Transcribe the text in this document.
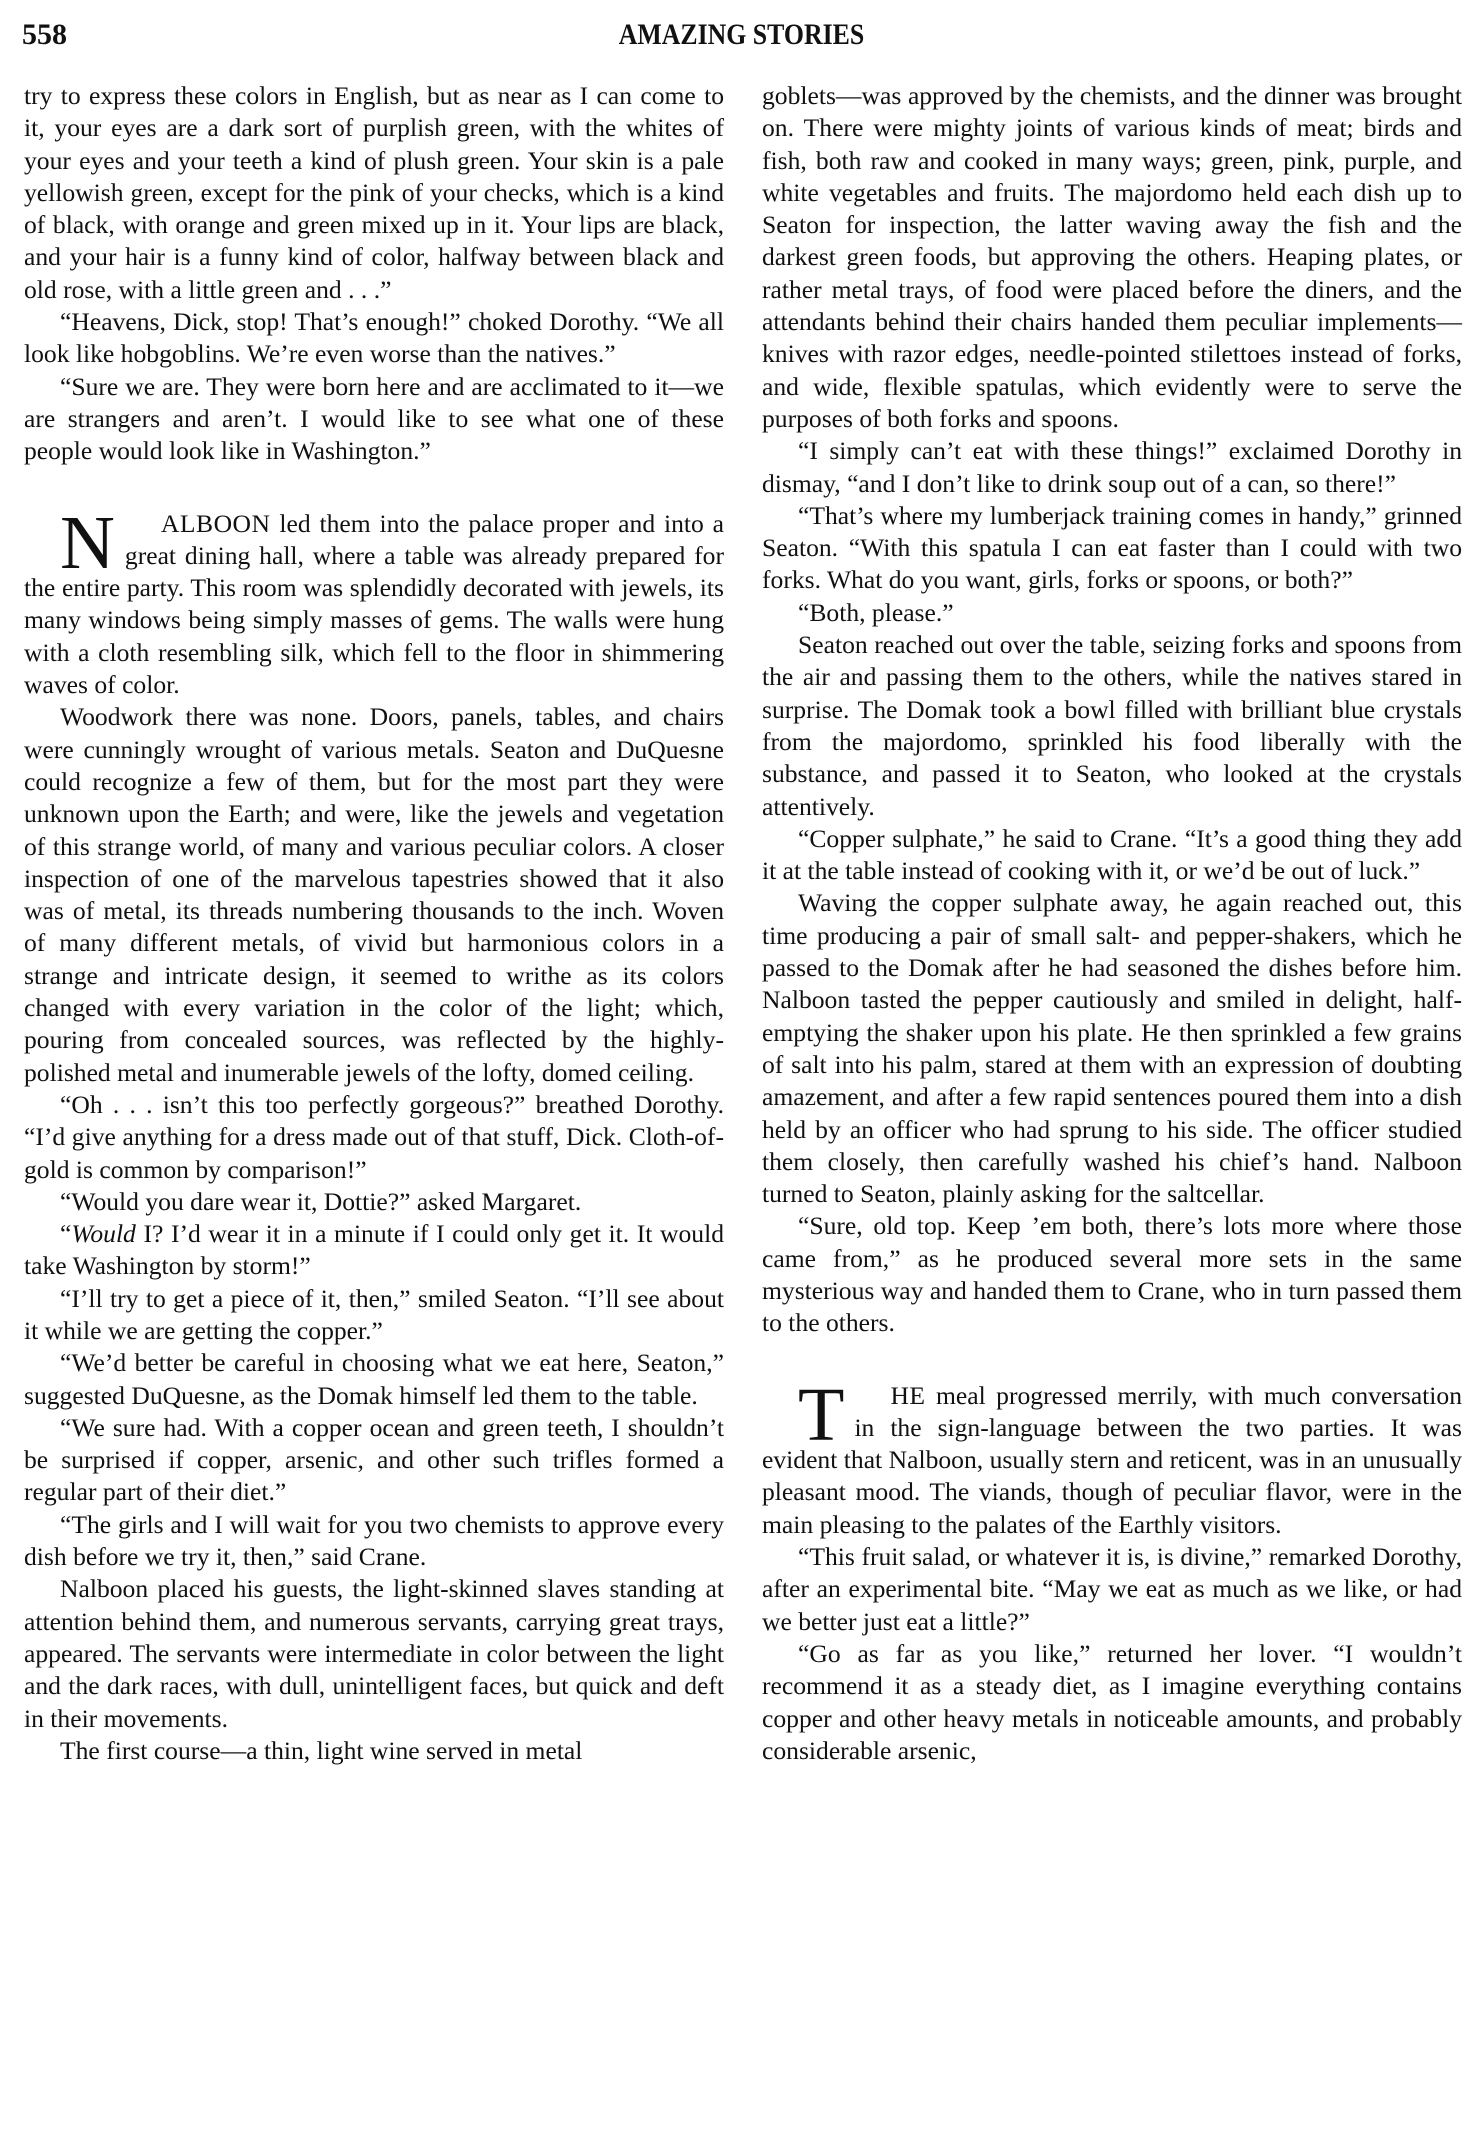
558	AMAZING STORIES

try to express these colors in English, but as near as I can come to it, your eyes are a dark sort of purplish green, with the whites of your eyes and your teeth a kind of plush green. Your skin is a pale yellowish green, except for the pink of your checks, which is a kind of black, with orange and green mixed up in it. Your lips are black, and your hair is a funny kind of color, halfway between black and old rose, with a little green and . . .”

“Heavens, Dick, stop! That’s enough!” choked Dorothy. “We all look like hobgoblins. We’re even worse than the natives.”

“Sure we are. They were born here and are acclimated to it—we are strangers and aren’t. I would like to see what one of these people would look like in Washington.”

N ALBOON led them into the palace proper and into a great dining hall, where a table was already prepared for the entire party. This room was splendidly decorated with jewels, its many windows being simply masses of gems. The walls were hung with a cloth resembling silk, which fell to the floor in shimmering waves of color.

Woodwork there was none. Doors, panels, tables, and chairs were cunningly wrought of various metals. Seaton and DuQuesne could recognize a few of them, but for the most part they were unknown upon the Earth; and were, like the jewels and vegetation of this strange world, of many and various peculiar colors. A closer inspection of one of the marvelous tapestries showed that it also was of metal, its threads numbering thousands to the inch. Woven of many different metals, of vivid but harmonious colors in a strange and intricate design, it seemed to writhe as its colors changed with every variation in the color of the light; which, pouring from concealed sources, was reflected by the highly-polished metal and inumerable jewels of the lofty, domed ceiling.

“Oh . . . isn’t this too perfectly gorgeous?” breathed Dorothy. “I’d give anything for a dress made out of that stuff, Dick. Cloth-of-gold is common by comparison!”

“Would you dare wear it, Dottie?” asked Margaret.

“Would I? I’d wear it in a minute if I could only get it. It would take Washington by storm!”

“I’ll try to get a piece of it, then,” smiled Seaton. “I’ll see about it while we are getting the copper.”

“We’d better be careful in choosing what we eat here, Seaton,” suggested DuQuesne, as the Domak himself led them to the table.

“We sure had. With a copper ocean and green teeth, I shouldn’t be surprised if copper, arsenic, and other such trifles formed a regular part of their diet.”

“The girls and I will wait for you two chemists to approve every dish before we try it, then,” said Crane.

Nalboon placed his guests, the light-skinned slaves standing at attention behind them, and numerous servants, carrying great trays, appeared. The servants were intermediate in color between the light and the dark races, with dull, unintelligent faces, but quick and deft in their movements.

The first course—a thin, light wine served in metal

goblets—was approved by the chemists, and the dinner was brought on. There were mighty joints of various kinds of meat; birds and fish, both raw and cooked in many ways; green, pink, purple, and white vegetables and fruits. The majordomo held each dish up to Seaton for inspection, the latter waving away the fish and the darkest green foods, but approving the others. Heaping plates, or rather metal trays, of food were placed before the diners, and the attendants behind their chairs handed them peculiar implements—knives with razor edges, needle-pointed stilettoes instead of forks, and wide, flexible spatulas, which evidently were to serve the purposes of both forks and spoons.

“I simply can’t eat with these things!” exclaimed Dorothy in dismay, “and I don’t like to drink soup out of a can, so there!”

“That’s where my lumberjack training comes in handy,” grinned Seaton. “With this spatula I can eat faster than I could with two forks. What do you want, girls, forks or spoons, or both?”

“Both, please.”

Seaton reached out over the table, seizing forks and spoons from the air and passing them to the others, while the natives stared in surprise. The Domak took a bowl filled with brilliant blue crystals from the majordomo, sprinkled his food liberally with the substance, and passed it to Seaton, who looked at the crystals attentively.

“Copper sulphate,” he said to Crane. “It’s a good thing they add it at the table instead of cooking with it, or we’d be out of luck.”

Waving the copper sulphate away, he again reached out, this time producing a pair of small salt- and pepper-shakers, which he passed to the Domak after he had seasoned the dishes before him. Nalboon tasted the pepper cautiously and smiled in delight, half-emptying the shaker upon his plate. He then sprinkled a few grains of salt into his palm, stared at them with an expression of doubting amazement, and after a few rapid sentences poured them into a dish held by an officer who had sprung to his side. The officer studied them closely, then carefully washed his chief’s hand. Nalboon turned to Seaton, plainly asking for the saltcellar.

“Sure, old top. Keep ’em both, there’s lots more where those came from,” as he produced several more sets in the same mysterious way and handed them to Crane, who in turn passed them to the others.

T HE meal progressed merrily, with much conversation in the sign-language between the two parties. It was evident that Nalboon, usually stern and reticent, was in an unusually pleasant mood. The viands, though of peculiar flavor, were in the main pleasing to the palates of the Earthly visitors.

“This fruit salad, or whatever it is, is divine,” remarked Dorothy, after an experimental bite. “May we eat as much as we like, or had we better just eat a little?”

“Go as far as you like,” returned her lover. “I wouldn’t recommend it as a steady diet, as I imagine everything contains copper and other heavy metals in noticeable amounts, and probably considerable arsenic,
